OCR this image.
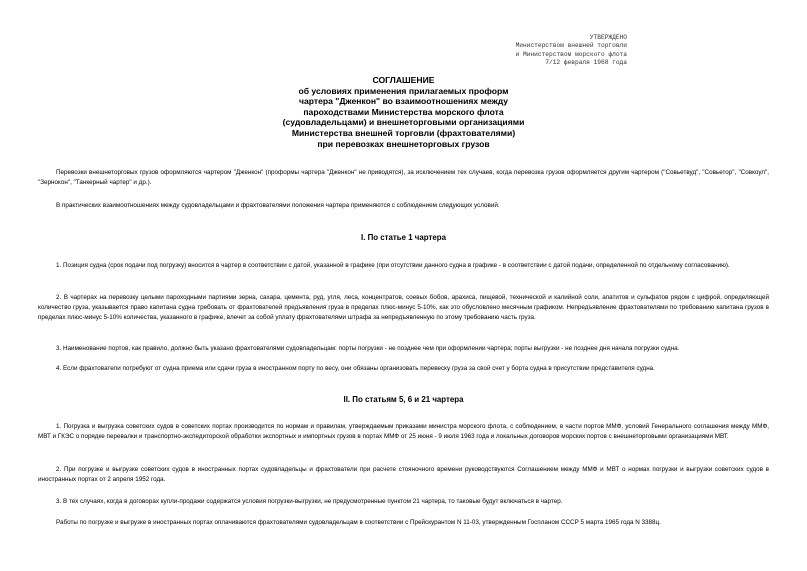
УТВЕРЖДЕНО
Министерством внешней торговли
и Министерством морского флота
7/12 февраля 1968 года
СОГЛАШЕНИЕ
об условиях применения прилагаемых проформ
чартера "Дженкон" во взаимоотношениях между
пароходствами Министерства морского флота
(судовладельцами) и внешнеторговыми организациями
Министерства внешней торговли (фрахтователями)
при перевозках внешнеторговых грузов
Перевозки внешнеторговых грузов оформляются чартером "Дженкон" (проформы чартера "Дженкон" не приводятся), за исключением тех случаев, когда перевозка грузов оформляется другим чартером ("Совьетвуд", "Совьетор", "Совкоул", "Зернокон", "Танкерный чартер" и др.).
В практических взаимоотношениях между судовладельцами и фрахтователями положения чартера применяются с соблюдением следующих условий.
I. По статье 1 чартера
1. Позиция судна (срок подачи под погрузку) вносится в чартер в соответствии с датой, указанной в графике (при отсутствии данного судна в графике - в соответствии с датой подачи, определенной по отдельному согласованию).
2. В чартерах на перевозку целыми пароходными партиями зерна, сахара, цемента, руд, угля, леса, концентратов, соевых бобов, арахиса, пищевой, технической и калийной соли, апатитов и сульфатов рядом с цифрой, определяющей количество груза, указывается право капитана судна требовать от фрахтователей предъявления груза в пределах плюс-минус 5-10%, как это обусловлено месячным графиком. Непредъявление фрахтователями по требованию капитана грузов в пределах плюс-минус 5-10% количества, указанного в графике, влечет за собой уплату фрахтователями штрафа за непредъявленную по этому требованию часть груза.
3. Наименование портов, как правило, должно быть указано фрахтователями судовладельцам: порты погрузки - не позднее чем при оформлении чартера; порты выгрузки - не позднее дня начала погрузки судна.
4. Если фрахтователи потребуют от судна приема или сдачи груза в иностранном порту по весу, они обязаны организовать перевеску груза за свой счет у борта судна в присутствии представителя судна.
II. По статьям 5, 6 и 21 чартера
1. Погрузка и выгрузка советских судов в советских портах производится по нормам и правилам, утверждаемым приказами министра морского флота, с соблюдением, в части портов ММФ, условий Генерального соглашения между ММФ, МВТ и ГКЭС о порядке перевалки и транспортно-экспедиторской обработки экспортных и импортных грузов в портах ММФ от 25 июня - 9 июля 1963 года и локальных договоров морских портов с внешнеторговыми организациями МВТ.
2. При погрузке и выгрузке советских судов в иностранных портах судовладельцы и фрахтователи при расчете стояночного времени руководствуются Соглашением между ММФ и МВТ о нормах погрузки и выгрузки советских судов в иностранных портах от 2 апреля 1952 года.
3. В тех случаях, когда в договорах купли-продажи содержатся условия погрузки-выгрузки, не предусмотренные пунктом 21 чартера, то таковые будут включаться в чартер.
Работы по погрузке и выгрузке в иностранных портах оплачиваются фрахтователями судовладельцам в соответствии с Прейскурантом N 11-03, утвержденным Госпланом СССР 5 марта 1965 года N 3388ц.
